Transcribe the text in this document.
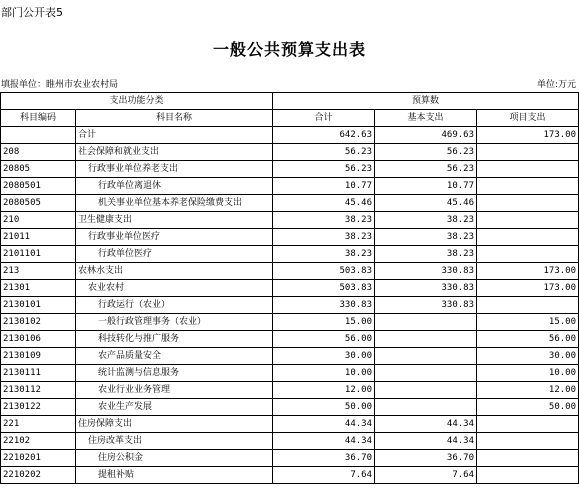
部门公开表5
一般公共预算支出表
填报单位：睢州市农业农村局	单位:万元
支出功能分类		预算数		
科目编码	科目名称	合计	基本支出	项目支出
	合计	642.63	469.63	173.00
208	社会保障和就业支出	56.23	56.23	
20805	行政事业单位养老支出	56.23	56.23	
2080501	行政单位离退休	10.77	10.77	
2080505	机关事业单位基本养老保险缴费支出	45.46	45.46	
210	卫生健康支出	38.23	38.23	
21011	行政事业单位医疗	38.23	38.23	
2101101	行政单位医疗	38.23	38.23	
213	农林水支出	503.83	330.83	173.00
21301	农业农村	503.83	330.83	173.00
2130101	行政运行（农业）	330.83	330.83	
2130102	一般行政管理事务（农业）	15.00		15.00
2130106	科技转化与推广服务	56.00		56.00
2130109	农产品质量安全	30.00		30.00
2130111	统计监测与信息服务	10.00		10.00
2130112	农业行业业务管理	12.00		12.00
2130122	农业生产发展	50.00		50.00
221	住房保障支出	44.34	44.34	
22102	住房改革支出	44.34	44.34	
2210201	住房公积金	36.70	36.70	
2210202	提租补贴	7.64	7.64	
